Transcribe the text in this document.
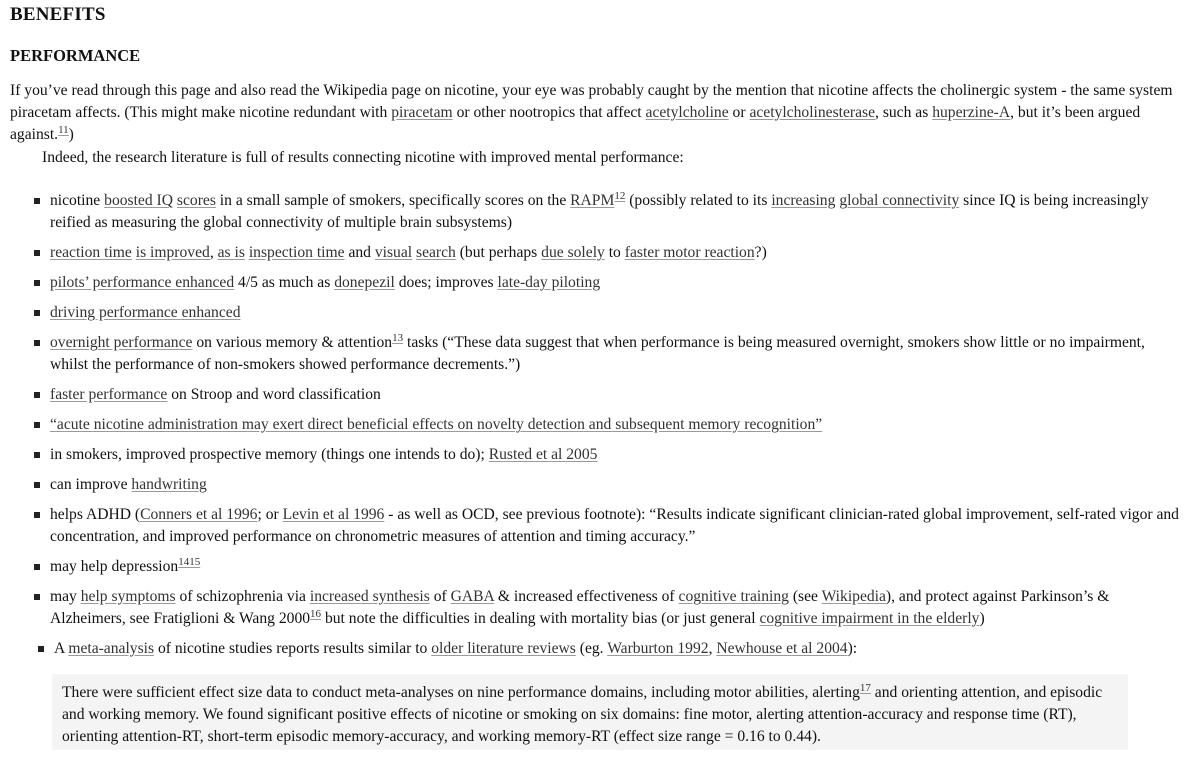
BENEFITS
PERFORMANCE

If you’ve read through this page and also read the Wikipedia page on nicotine, your eye was probably caught by the mention that nicotine affects the cholinergic system - the same system piracetam affects. (This might make nicotine redundant with piracetam or other nootropics that affect acetylcholine or acetylcholinesterase, such as huperzine-A, but it’s been argued against.$^{11}$)

Indeed, the research literature is full of results connecting nicotine with improved mental performance:

nicotine boosted IQ scores in a small sample of smokers, specifically scores on the RAPM$^{12}$ (possibly related to its increasing global connectivity since IQ is being increasingly reified as measuring the global connectivity of multiple brain subsystems)
reaction time is improved, as is inspection time and visual search (but perhaps due solely to faster motor reaction?)
pilots’ performance enhanced 4/5 as much as donepezil does; improves late-day piloting
driving performance enhanced
overnight performance on various memory & attention$^{13}$ tasks (“These data suggest that when performance is being measured overnight, smokers show little or no impairment, whilst the performance of non-smokers showed performance decrements.”)
faster performance on Stroop and word classification
“acute nicotine administration may exert direct beneficial effects on novelty detection and subsequent memory recognition”
in smokers, improved prospective memory (things one intends to do); Rusted et al 2005
can improve handwriting
helps ADHD (Conners et al 1996; or Levin et al 1996 - as well as OCD, see previous footnote): “Results indicate significant clinician-rated global improvement, self-rated vigor and concentration, and improved performance on chronometric measures of attention and timing accuracy.”
may help depression$^{1415}$
may help symptoms of schizophrenia via increased synthesis of GABA & increased effectiveness of cognitive training (see Wikipedia), and protect against Parkinson’s & Alzheimers, see Fratiglioni & Wang 2000$^{16}$ but note the difficulties in dealing with mortality bias (or just general cognitive impairment in the elderly)
A meta-analysis of nicotine studies reports results similar to older literature reviews (eg. Warburton 1992, Newhouse et al 2004):
There were sufficient effect size data to conduct meta-analyses on nine performance domains, including motor abilities, alerting$^{17}$ and orienting attention, and episodic and working memory. We found significant positive effects of nicotine or smoking on six domains: fine motor, alerting attention-accuracy and response time (RT), orienting attention-RT, short-term episodic memory-accuracy, and working memory-RT (effect size range = 0.16 to 0.44).
